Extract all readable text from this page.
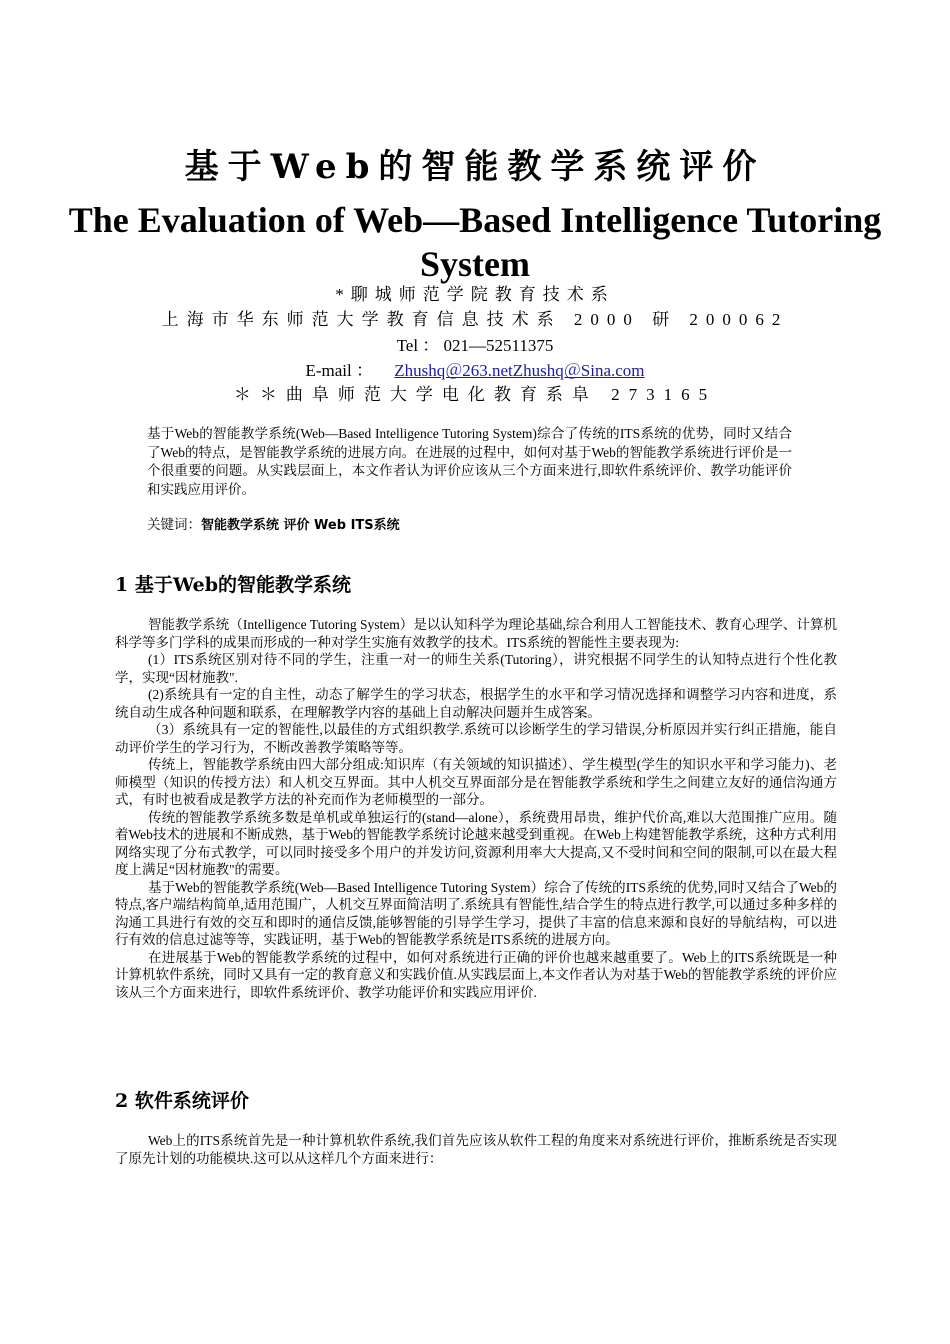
基于Web的智能教学系统评价
The Evaluation of Web—Based Intelligence Tutoring System
*聊城师范学院教育技术系
上海市华东师范大学教育信息技术系 2000 研 200062
Tel ： 021—52511375
E-mail ： Zhushq＠263.netZhushq＠Sina.com
＊＊曲阜师范大学电化教育系阜 273165
基于Web的智能教学系统(Web—Based Intelligence Tutoring System)综合了传统的ITS系统的优势，同时又结合了Web的特点，是智能教学系统的进展方向。在进展的过程中，如何对基于Web的智能教学系统进行评价是一个很重要的问题。从实践层面上，本文作者认为评价应该从三个方面来进行,即软件系统评价、教学功能评价和实践应用评价。
关键词：智能教学系统 评价 Web ITS系统
1 基于Web的智能教学系统

智能教学系统（Intelligence Tutoring System）是以认知科学为理论基础,综合利用人工智能技术、教育心理学、计算机科学等多门学科的成果而形成的一种对学生实施有效教学的技术。ITS系统的智能性主要表现为:

(1）ITS系统区别对待不同的学生，注重一对一的师生关系(Tutoring），讲究根据不同学生的认知特点进行个性化教学，实现“因材施教".

(2)系统具有一定的自主性，动态了解学生的学习状态，根据学生的水平和学习情况选择和调整学习内容和进度，系统自动生成各种问题和联系，在理解教学内容的基础上自动解决问题并生成答案。

（3）系统具有一定的智能性,以最佳的方式组织教学.系统可以诊断学生的学习错误,分析原因并实行纠正措施，能自动评价学生的学习行为，不断改善教学策略等等。

传统上，智能教学系统由四大部分组成:知识库（有关领域的知识描述）、学生模型(学生的知识水平和学习能力)、老师模型（知识的传授方法）和人机交互界面。其中人机交互界面部分是在智能教学系统和学生之间建立友好的通信沟通方式，有时也被看成是教学方法的补充而作为老师模型的一部分。

传统的智能教学系统多数是单机或单独运行的(stand—alone），系统费用昂贵，维护代价高,难以大范围推广应用。随着Web技术的进展和不断成熟，基于Web的智能教学系统讨论越来越受到重视。在Web上构建智能教学系统，这种方式利用网络实现了分布式教学，可以同时接受多个用户的并发访问,资源利用率大大提高,又不受时间和空间的限制,可以在最大程度上满足“因材施教"的需要。

基于Web的智能教学系统(Web—Based Intelligence Tutoring System）综合了传统的ITS系统的优势,同时又结合了Web的特点,客户端结构简单,适用范围广，人机交互界面简洁明了.系统具有智能性,结合学生的特点进行教学,可以通过多种多样的沟通工具进行有效的交互和即时的通信反馈,能够智能的引导学生学习，提供了丰富的信息来源和良好的导航结构，可以进行有效的信息过滤等等，实践证明，基于Web的智能教学系统是ITS系统的进展方向。

在进展基于Web的智能教学系统的过程中，如何对系统进行正确的评价也越来越重要了。Web上的ITS系统既是一种计算机软件系统，同时又具有一定的教育意义和实践价值.从实践层面上,本文作者认为对基于Web的智能教学系统的评价应该从三个方面来进行，即软件系统评价、教学功能评价和实践应用评价.

2 软件系统评价

Web上的ITS系统首先是一种计算机软件系统,我们首先应该从软件工程的角度来对系统进行评价，推断系统是否实现了原先计划的功能模块.这可以从这样几个方面来进行：
